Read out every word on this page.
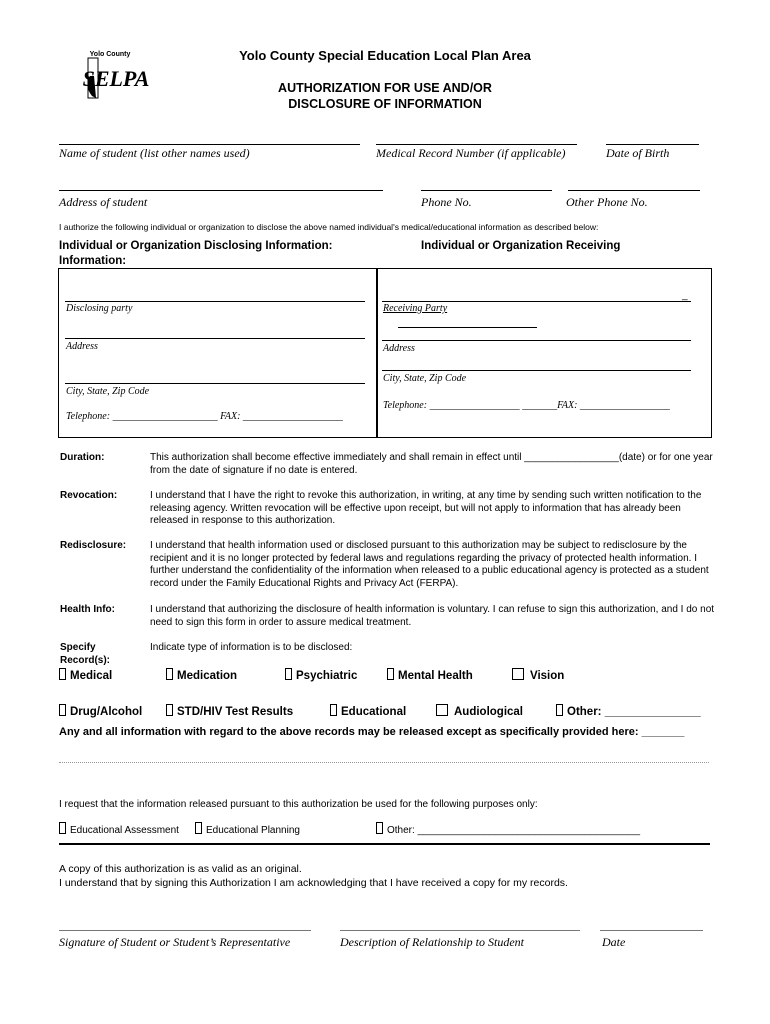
SELPA
Yolo County	Yolo County Special Education Local Plan Area
AUTHORIZATION FOR USE AND/OR
DISCLOSURE OF INFORMATION
Name of student (list other names used)	Medical Record Number (if applicable)	Date of Birth
Address of student	Phone No.	Other Phone No.
I authorize the following individual or organization to disclose the above named individual's medical/educational information as described below:
Individual or Organization Disclosing Information:
Information:
Individual or Organization Receiving
Disclosing party
Address
City, State, Zip Code
Telephone: _____________________ FAX: ____________________
_
Receiving Party
Address
City, State, Zip Code
Telephone: __________________ _______FAX: __________________
Duration:	This authorization shall become effective immediately and shall remain in effect until _________________(date) or for one year from the date of signature if no date is entered.
Revocation:	I understand that I have the right to revoke this authorization, in writing, at any time by sending such written notification to the releasing agency. Written revocation will be effective upon receipt, but will not apply to information that has already been released in response to this authorization.
Redisclosure: I understand that health information used or disclosed pursuant to this authorization may be subject to redisclosure by the recipient and it is no longer protected by federal laws and regulations regarding the privacy of protected health information. I further understand the confidentiality of the information when released to a public educational agency is protected as a student record under the Family Educational Rights and Privacy Act (FERPA).
Health Info:	I understand that authorizing the disclosure of health information is voluntary. I can refuse to sign this authorization, and I do not need to sign this form in order to assure medical treatment.
Specify
Record(s):
Indicate type of information is to be disclosed:
Medical	Medication	Psychiatric	Mental Health	Vision
Drug/Alcohol	STD/HIV Test Results	Educational	Audiological	Other: _______________
Any and all information with regard to the above records may be released except as specifically provided here: _______
I request that the information released pursuant to this authorization be used for the following purposes only:
Educational Assessment	Educational Planning	Other: ________________________________________
A copy of this authorization is as valid as an original.
I understand that by signing this Authorization I am acknowledging that I have received a copy for my records.
Signature of Student or Student’s Representative	Description of Relationship to Student	Date
